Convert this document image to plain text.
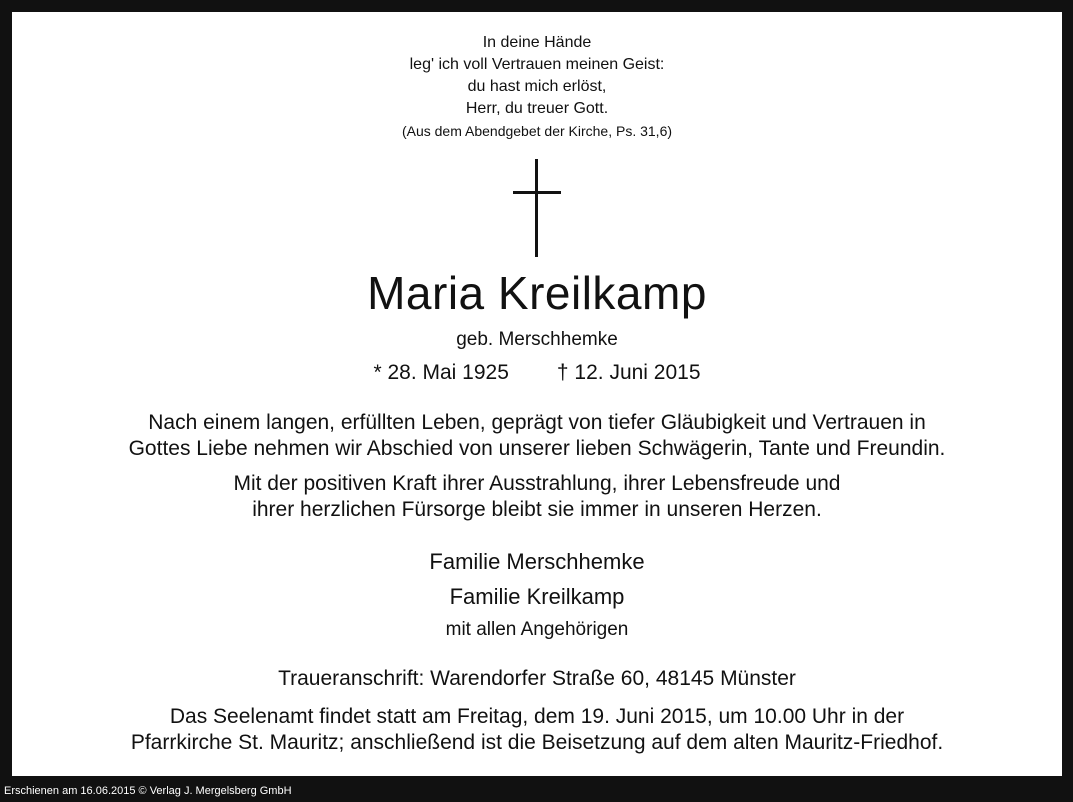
In deine Hände
leg' ich voll Vertrauen meinen Geist:
du hast mich erlöst,
Herr, du treuer Gott.
(Aus dem Abendgebet der Kirche, Ps. 31,6)
Maria Kreilkamp
geb. Merschhemke
* 28. Mai 1925 † 12. Juni 2015
Nach einem langen, erfüllten Leben, geprägt von tiefer Gläubigkeit und Vertrauen in
Gottes Liebe nehmen wir Abschied von unserer lieben Schwägerin, Tante und Freundin.
Mit der positiven Kraft ihrer Ausstrahlung, ihrer Lebensfreude und
ihrer herzlichen Fürsorge bleibt sie immer in unseren Herzen.
Familie Merschhemke
Familie Kreilkamp
mit allen Angehörigen
Traueranschrift: Warendorfer Straße 60, 48145 Münster
Das Seelenamt findet statt am Freitag, dem 19. Juni 2015, um 10.00 Uhr in der
Pfarrkirche St. Mauritz; anschließend ist die Beisetzung auf dem alten Mauritz-Friedhof.
Erschienen am 16.06.2015 © Verlag J. Mergelsberg GmbH
